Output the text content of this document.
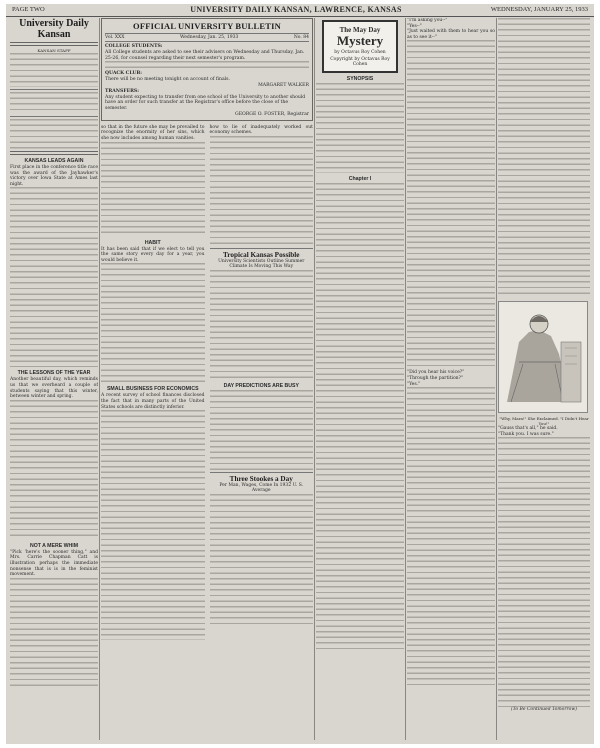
PAGE TWO	UNIVERSITY DAILY KANSAN, LAWRENCE, KANSAS	WEDNESDAY, JANUARY 25, 1933
University Daily Kansan
KANSAN STAFF
KANSAS LEADS AGAIN
First place in the conference title race was the award of the Jayhawker's victory over Iowa State at Ames last night.
THE LESSONS OF THE YEAR
Another beautiful day, which reminds us that we overheard a couple of students saying that this winter, between winter and spring.
NOT A MERE WHIM
"Pick 'here's the sooner thing," and Mrs. Carrie Chapman Catt is illustration perhaps the immediate nonsense that is is in the feminist movement.
OFFICIAL UNIVERSITY BULLETIN
Vol. XXX	Wednesday, Jan. 25, 1933	No. 84
COLLEGE STUDENTS:
All College students are asked to see their advisers on Wednesday and Thursday, Jan. 25-26, for counsel regarding their next semester's program.
QUACK CLUB:
There will be no meeting tonight on account of finals.
MARGARET WALKER
TRANSFERS:
Any student expecting to transfer from one school of the University to another should have an order for such transfer at the Registrar's office before the close of the semester.
GEORGE O. FOSTER, Registrar
so that in the future she may be prevailed to recognize the enormity of her sins, which she now includes among human vanities.
HABIT
It has been said that if we elect to tell you the same story every day for a year, you would believe it.
SMALL BUSINESS FOR ECONOMICS
A recent survey of school finances disclosed the fact that in many parts of the United States schools are distinctly inferior.
how to lie of inadequately worked out economy schemes.
Tropical Kansas Possible
University Scientists Outline Summer Climate Is Moving This Way
DAY PREDICTIONS ARE BUSY
Three Stookes a Day
Per Man, Wages, Come In 1932 U. S. Average
The May Day
Mystery
by Octavus Roy Cohen
Copyright by Octavus Roy Cohen
SYNOPSIS
Chapter I
"I'm asking you--"
"Yes--"
"Just waited with them to hear you so as to see it--"
"Did you hear his voice?"
"Through the partition?"
"Yes."
"Why, Mara!" She Exclaimed. "I Didn't Hear You!"
"Gauss that's all," he said.
"Thank you. I was sure."
(To Be Continued Tomorrow)
